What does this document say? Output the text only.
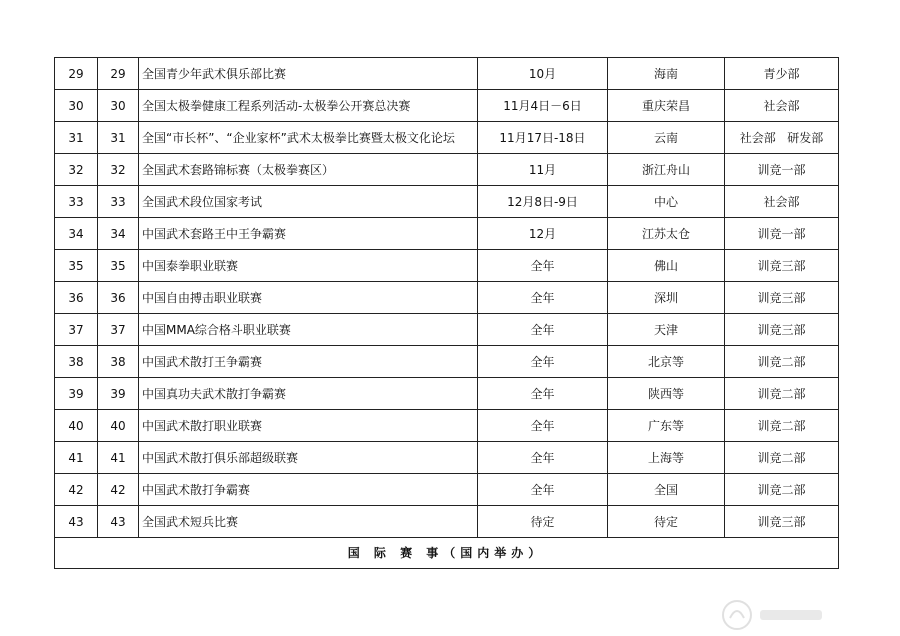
29	29	全国青少年武术俱乐部比赛	10月	海南	青少部
30	30	全国太极拳健康工程系列活动-太极拳公开赛总决赛	11月4日－6日	重庆荣昌	社会部
31	31	全国“市长杯”、“企业家杯”武术太极拳比赛暨太极文化论坛	11月17日-18日	云南	社会部   研发部
32	32	全国武术套路锦标赛（太极拳赛区）	11月	浙江舟山	训竞一部
33	33	全国武术段位国家考试	12月8日-9日	中心	社会部
34	34	中国武术套路王中王争霸赛	12月	江苏太仓	训竞一部
35	35	中国泰拳职业联赛	全年	佛山	训竞三部
36	36	中国自由搏击职业联赛	全年	深圳	训竞三部
37	37	中国MMA综合格斗职业联赛	全年	天津	训竞三部
38	38	中国武术散打王争霸赛	全年	北京等	训竞二部
39	39	中国真功夫武术散打争霸赛	全年	陕西等	训竞二部
40	40	中国武术散打职业联赛	全年	广东等	训竞二部
41	41	中国武术散打俱乐部超级联赛	全年	上海等	训竞二部
42	42	中国武术散打争霸赛	全年	全国	训竞二部
43	43	全国武术短兵比赛	待定	待定	训竞三部
国 际 赛 事（国内举办）					
